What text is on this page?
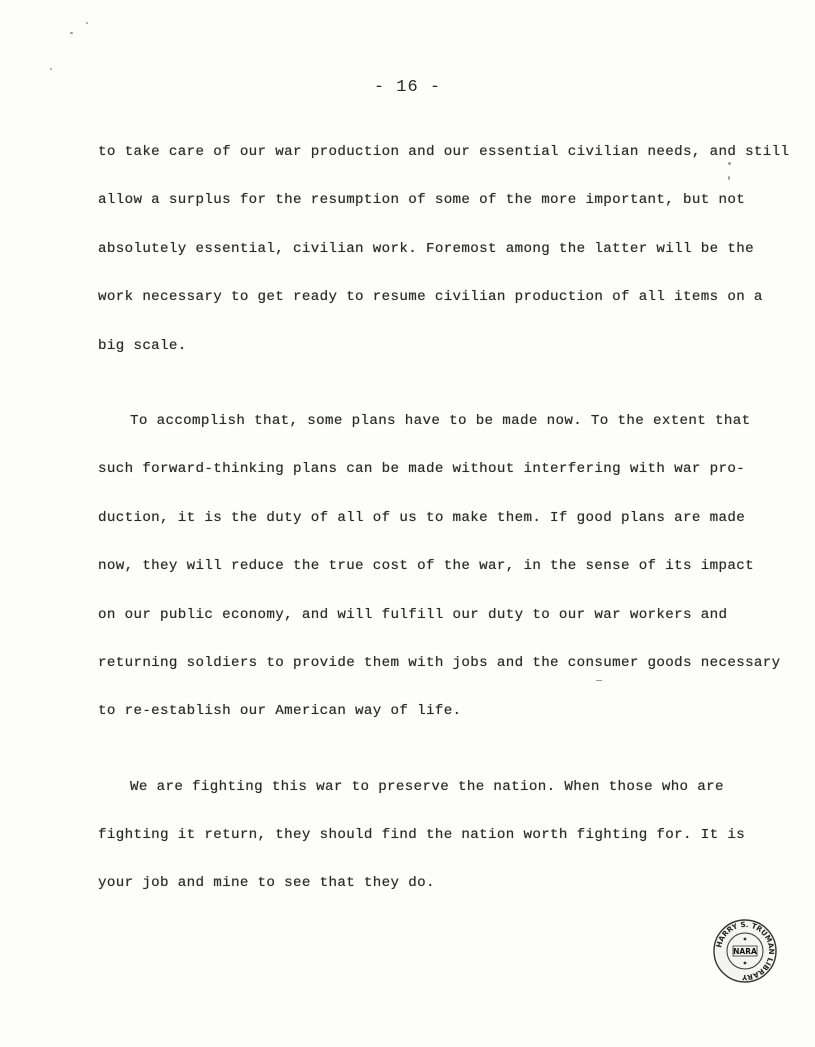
- 16 -
to take care of our war production and our essential civilian needs, and still
allow a surplus for the resumption of some of the more important, but not
absolutely essential, civilian work. Foremost among the latter will be the
work necessary to get ready to resume civilian production of all items on a
big scale.
To accomplish that, some plans have to be made now. To the extent that
such forward-thinking plans can be made without interfering with war pro-
duction, it is the duty of all of us to make them. If good plans are made
now, they will reduce the true cost of the war, in the sense of its impact
on our public economy, and will fulfill our duty to our war workers and
returning soldiers to provide them with jobs and the consumer goods necessary
to re-establish our American way of life.
We are fighting this war to preserve the nation. When those who are
fighting it return, they should find the nation worth fighting for. It is
your job and mine to see that they do.
HARRY S. TRUMAN LIBRARY
NARA
